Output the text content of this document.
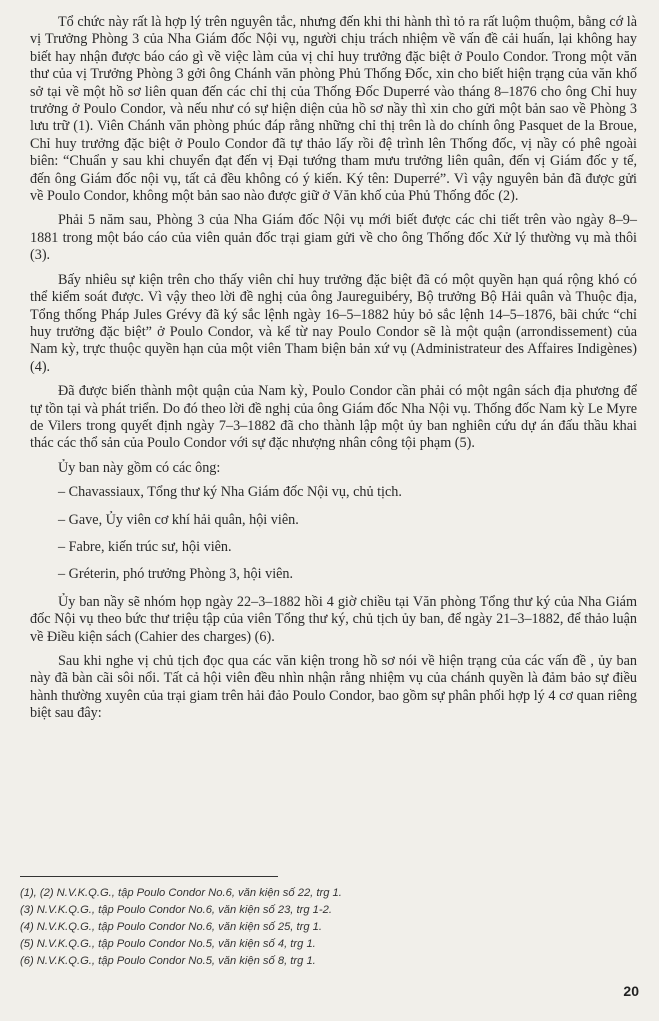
Tổ chức này rất là hợp lý trên nguyên tắc, nhưng đến khi thi hành thì tỏ ra rất luộm thuộm, bằng cớ là vị Trưởng Phòng 3 của Nha Giám đốc Nội vụ, người chịu trách nhiệm về vấn đề cải huấn, lại không hay biết hay nhận được báo cáo gì về việc làm của vị chỉ huy trưởng đặc biệt ở Poulo Condor. Trong một văn thư của vị Trưởng Phòng 3 gởi ông Chánh văn phòng Phủ Thống Đốc, xin cho biết hiện trạng của văn khố sở tại về một hồ sơ liên quan đến các chỉ thị của Thống Đốc Duperré vào tháng 8–1876 cho ông Chỉ huy trưởng ở Poulo Condor, và nếu như có sự hiện diện của hồ sơ nầy thì xin cho gửi một bản sao về Phòng 3 lưu trữ (1). Viên Chánh văn phòng phúc đáp rằng những chỉ thị trên là do chính ông Pasquet de la Broue, Chỉ huy trưởng đặc biệt ở Poulo Condor đã tự thảo lấy rồi đệ trình lên Thống đốc, vị nầy có phê ngoài biên: “Chuẩn y sau khi chuyển đạt đến vị Đại tướng tham mưu trưởng liên quân, đến vị Giám đốc y tế, đến ông Giám đốc nội vụ, tất cả đều không có ý kiến. Ký tên: Duperré”. Vì vậy nguyên bản đã được gửi về Poulo Condor, không một bản sao nào được giữ ở Văn khố của Phủ Thống đốc (2).

Phải 5 năm sau, Phòng 3 của Nha Giám đốc Nội vụ mới biết được các chi tiết trên vào ngày 8–9–1881 trong một báo cáo của viên quản đốc trại giam gửi về cho ông Thống đốc Xử lý thường vụ mà thôi (3).

Bấy nhiêu sự kiện trên cho thấy viên chỉ huy trưởng đặc biệt đã có một quyền hạn quá rộng khó có thể kiểm soát được. Vì vậy theo lời đề nghị của ông Jaureguibéry, Bộ trưởng Bộ Hải quân và Thuộc địa, Tổng thống Pháp Jules Grévy đã ký sắc lệnh ngày 16–5–1882 hủy bỏ sắc lệnh 14–5–1876, bãi chức “chỉ huy trưởng đặc biệt” ở Poulo Condor, và kể từ nay Poulo Condor sẽ là một quận (arrondissement) của Nam kỳ, trực thuộc quyền hạn của một viên Tham biện bản xứ vụ (Administrateur des Affaires Indigènes) (4).

Đã được biến thành một quận của Nam kỳ, Poulo Condor cần phải có một ngân sách địa phương để tự tồn tại và phát triển. Do đó theo lời đề nghị của ông Giám đốc Nha Nội vụ. Thống đốc Nam kỳ Le Myre de Vilers trong quyết định ngày 7–3–1882 đã cho thành lập một ủy ban nghiên cứu dự án đấu thầu khai thác các thổ sản của Poulo Condor với sự đặc nhượng nhân công tội phạm (5).

Ủy ban này gồm có các ông:

– Chavassiaux, Tổng thư ký Nha Giám đốc Nội vụ, chủ tịch.
– Gave, Ủy viên cơ khí hải quân, hội viên.
– Fabre, kiến trúc sư, hội viên.
– Gréterin, phó trưởng Phòng 3, hội viên.

Ủy ban nầy sẽ nhóm họp ngày 22–3–1882 hồi 4 giờ chiều tại Văn phòng Tổng thư ký của Nha Giám đốc Nội vụ theo bức thư triệu tập của viên Tổng thư ký, chủ tịch ủy ban, để ngày 21–3–1882, để thảo luận về Điều kiện sách (Cahier des charges) (6).

Sau khi nghe vị chủ tịch đọc qua các văn kiện trong hồ sơ nói về hiện trạng của các vấn đề , ủy ban này đã bàn cãi sôi nổi. Tất cả hội viên đều nhìn nhận rằng nhiệm vụ của chánh quyền là đảm bảo sự điều hành thường xuyên của trại giam trên hải đảo Poulo Condor, bao gồm sự phân phối hợp lý 4 cơ quan riêng biệt sau đây:

(1), (2) N.V.K.Q.G., tập Poulo Condor No.6, văn kiện số 22, trg 1.
(3) N.V.K.Q.G., tập Poulo Condor No.6, văn kiện số 23, trg 1-2.
(4) N.V.K.Q.G., tập Poulo Condor No.6, văn kiện số 25, trg 1.
(5) N.V.K.Q.G., tập Poulo Condor No.5, văn kiện số 4, trg 1.
(6) N.V.K.Q.G., tập Poulo Condor No.5, văn kiện số 8, trg 1.
20
